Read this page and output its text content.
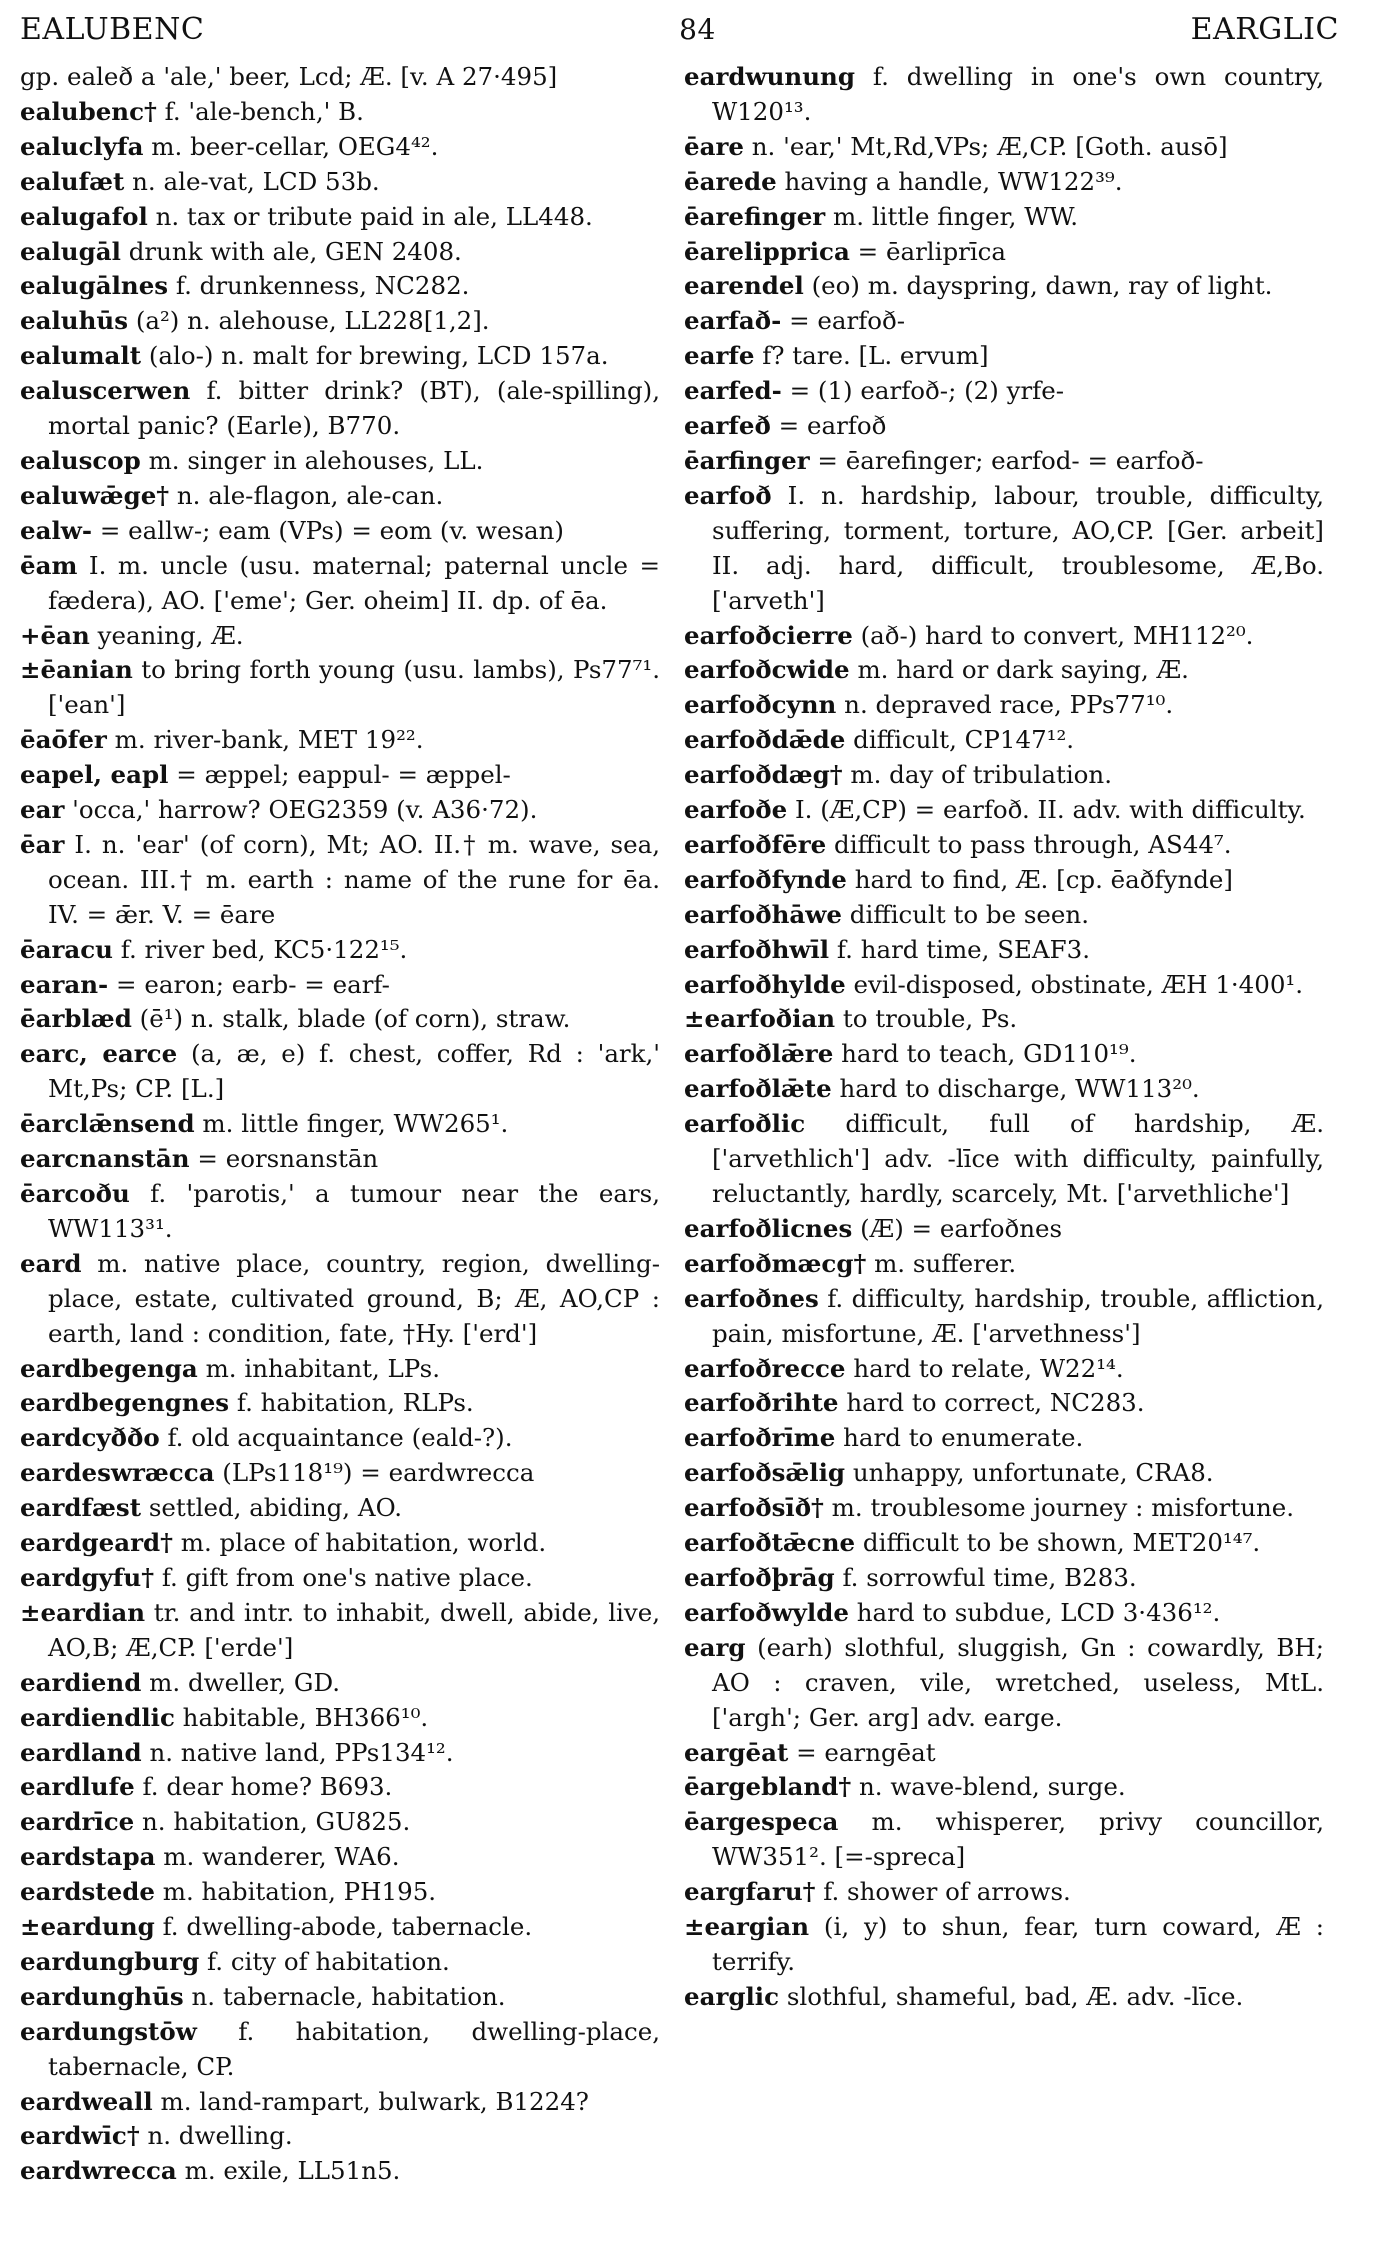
EALUBENC	84	EARGLIC
gp. ealeð a 'ale,' beer, Lcd; Æ. [v. A 27·495]
ealubenc† f. 'ale-bench,' B.
ealuclyfa m. beer-cellar, OEG4⁴².
ealufæt n. ale-vat, LCD 53b.
ealugafol n. tax or tribute paid in ale, LL448.
ealugāl drunk with ale, GEN 2408.
ealugālnes f. drunkenness, NC282.
ealuhūs (a²) n. alehouse, LL228[1,2].
ealumalt (alo-) n. malt for brewing, LCD 157a.
ealuscerwen f. bitter drink? (BT), (ale-spilling), mortal panic? (Earle), B770.
ealuscop m. singer in alehouses, LL.
ealuwǣge† n. ale-flagon, ale-can.
ealw- = eallw-; eam (VPs) = eom (v. wesan)
ēam I. m. uncle (usu. maternal; paternal uncle = fædera), AO. ['eme'; Ger. oheim] II. dp. of ēa.
+ēan yeaning, Æ.
±ēanian to bring forth young (usu. lambs), Ps77⁷¹. ['ean']
ēaōfer m. river-bank, MET 19²².
eapel, eapl = æppel; eappul- = æppel-
ear 'occa,' harrow? OEG2359 (v. A36·72).
ēar I. n. 'ear' (of corn), Mt; AO. II.† m. wave, sea, ocean. III.† m. earth : name of the rune for ēa. IV. = ǣr. V. = ēare
ēaracu f. river bed, KC5·122¹⁵.
earan- = earon; earb- = earf-
ēarblæd (ē¹) n. stalk, blade (of corn), straw.
earc, earce (a, æ, e) f. chest, coffer, Rd : 'ark,' Mt,Ps; CP. [L.]
ēarclǣnsend m. little finger, WW265¹.
earcnanstān = eorsnanstān
ēarcoðu f. 'parotis,' a tumour near the ears, WW113³¹.
eard m. native place, country, region, dwelling-place, estate, cultivated ground, B; Æ, AO,CP : earth, land : condition, fate, †Hy. ['erd']
eardbegenga m. inhabitant, LPs.
eardbegengnes f. habitation, RLPs.
eardcyððo f. old acquaintance (eald-?).
eardeswræcca (LPs118¹⁹) = eardwrecca
eardfæst settled, abiding, AO.
eardgeard† m. place of habitation, world.
eardgyfu† f. gift from one's native place.
±eardian tr. and intr. to inhabit, dwell, abide, live, AO,B; Æ,CP. ['erde']
eardiend m. dweller, GD.
eardiendlic habitable, BH366¹⁰.
eardland n. native land, PPs134¹².
eardlufe f. dear home? B693.
eardrīce n. habitation, GU825.
eardstapa m. wanderer, WA6.
eardstede m. habitation, PH195.
±eardung f. dwelling-abode, tabernacle.
eardungburg f. city of habitation.
eardunghūs n. tabernacle, habitation.
eardungstōw f. habitation, dwelling-place, tabernacle, CP.
eardweall m. land-rampart, bulwark, B1224?
eardwīc† n. dwelling.
eardwrecca m. exile, LL51n5.
eardwunung f. dwelling in one's own country, W120¹³.
ēare n. 'ear,' Mt,Rd,VPs; Æ,CP. [Goth. ausō]
ēarede having a handle, WW122³⁹.
ēarefinger m. little finger, WW.
ēarelipprica = ēarliprīca
earendel (eo) m. dayspring, dawn, ray of light.
earfað- = earfoð-
earfe f? tare. [L. ervum]
earfed- = (1) earfoð-; (2) yrfe-
earfeð = earfoð
ēarfinger = ēarefinger; earfod- = earfoð-
earfoð I. n. hardship, labour, trouble, difficulty, suffering, torment, torture, AO,CP. [Ger. arbeit] II. adj. hard, difficult, troublesome, Æ,Bo. ['arveth']
earfoðcierre (að-) hard to convert, MH112²⁰.
earfoðcwide m. hard or dark saying, Æ.
earfoðcynn n. depraved race, PPs77¹⁰.
earfoðdǣde difficult, CP147¹².
earfoðdæg† m. day of tribulation.
earfoðe I. (Æ,CP) = earfoð. II. adv. with difficulty.
earfoðfēre difficult to pass through, AS44⁷.
earfoðfynde hard to find, Æ. [cp. ēaðfynde]
earfoðhāwe difficult to be seen.
earfoðhwīl f. hard time, SEAF3.
earfoðhylde evil-disposed, obstinate, ÆH 1·400¹.
±earfoðian to trouble, Ps.
earfoðlǣre hard to teach, GD110¹⁹.
earfoðlǣte hard to discharge, WW113²⁰.
earfoðlic difficult, full of hardship, Æ. ['arvethlich'] adv. -līce with difficulty, painfully, reluctantly, hardly, scarcely, Mt. ['arvethliche']
earfoðlicnes (Æ) = earfoðnes
earfoðmæcg† m. sufferer.
earfoðnes f. difficulty, hardship, trouble, affliction, pain, misfortune, Æ. ['arvethness']
earfoðrecce hard to relate, W22¹⁴.
earfoðrihte hard to correct, NC283.
earfoðrīme hard to enumerate.
earfoðsǣlig unhappy, unfortunate, CRA8.
earfoðsīð† m. troublesome journey : misfortune.
earfoðtǣcne difficult to be shown, MET20¹⁴⁷.
earfoðþrāg f. sorrowful time, B283.
earfoðwylde hard to subdue, LCD 3·436¹².
earg (earh) slothful, sluggish, Gn : cowardly, BH; AO : craven, vile, wretched, useless, MtL. ['argh'; Ger. arg] adv. earge.
eargēat = earngēat
ēargebland† n. wave-blend, surge.
ēargespeca m. whisperer, privy councillor, WW351². [=-spreca]
eargfaru† f. shower of arrows.
±eargian (i, y) to shun, fear, turn coward, Æ : terrify.
earglic slothful, shameful, bad, Æ. adv. -līce.
